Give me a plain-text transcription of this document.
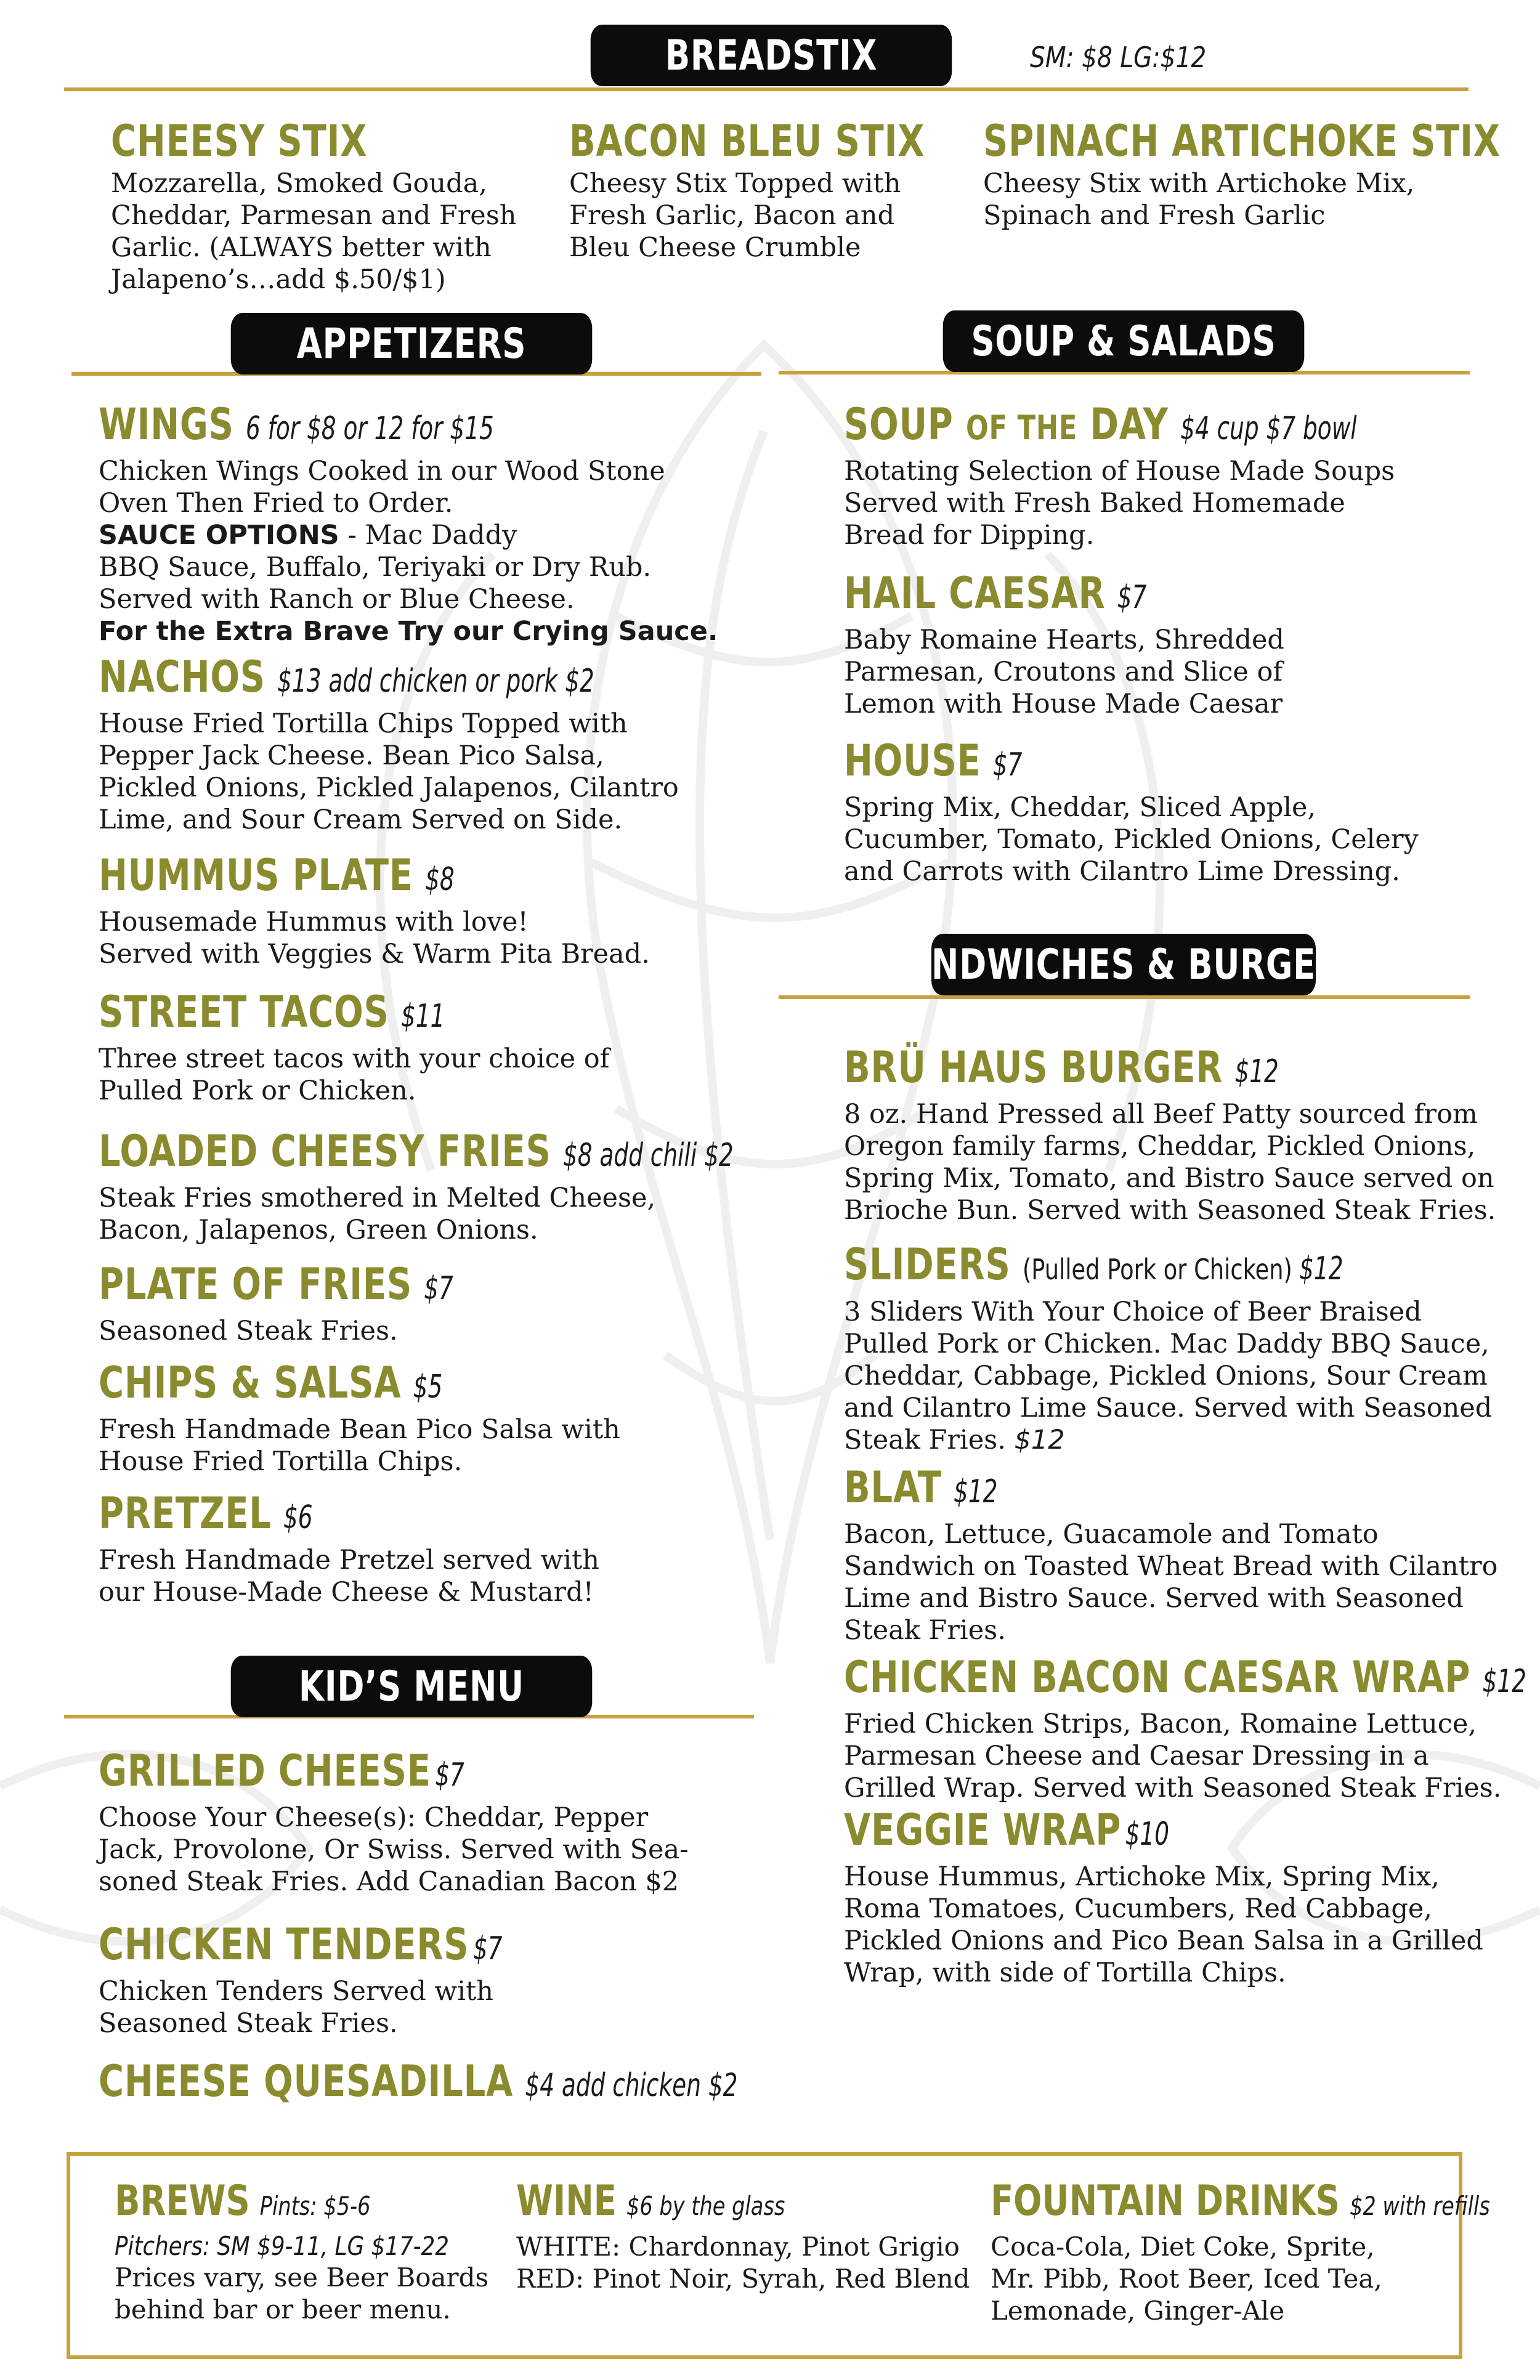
BREADSTIX	SM: $8 LG:$12
CHEESY STIX
Mozzarella, Smoked Gouda,
Cheddar, Parmesan and Fresh
Garlic. (ALWAYS better with
Jalapeno’s…add $.50/$1)
BACON BLEU STIX
Cheesy Stix Topped with
Fresh Garlic, Bacon and
Bleu Cheese Crumble
SPINACH ARTICHOKE STIX
Cheesy Stix with Artichoke Mix,
Spinach and Fresh Garlic
APPETIZERS
WINGS 6 for $8 or 12 for $15
Chicken Wings Cooked in our Wood Stone
Oven Then Fried to Order.
SAUCE OPTIONS - Mac Daddy
BBQ Sauce, Buffalo, Teriyaki or Dry Rub.
Served with Ranch or Blue Cheese.
For the Extra Brave Try our Crying Sauce.
NACHOS $13 add chicken or pork $2
House Fried Tortilla Chips Topped with
Pepper Jack Cheese. Bean Pico Salsa,
Pickled Onions, Pickled Jalapenos, Cilantro
Lime, and Sour Cream Served on Side.
HUMMUS PLATE $8
Housemade Hummus with love!
Served with Veggies & Warm Pita Bread.
STREET TACOS $11
Three street tacos with your choice of
Pulled Pork or Chicken.
LOADED CHEESY FRIES $8 add chili $2
Steak Fries smothered in Melted Cheese,
Bacon, Jalapenos, Green Onions.
PLATE OF FRIES $7
Seasoned Steak Fries.
CHIPS & SALSA $5
Fresh Handmade Bean Pico Salsa with
House Fried Tortilla Chips.
PRETZEL $6
Fresh Handmade Pretzel served with
our House-Made Cheese & Mustard!
KID’S MENU
GRILLED CHEESE $7
Choose Your Cheese(s): Cheddar, Pepper
Jack, Provolone, Or Swiss. Served with Sea-
soned Steak Fries. Add Canadian Bacon $2
CHICKEN TENDERS $7
Chicken Tenders Served with
Seasoned Steak Fries.
CHEESE QUESADILLA $4 add chicken $2
SOUP & SALADS
SOUP OF THE DAY $4 cup $7 bowl
Rotating Selection of House Made Soups
Served with Fresh Baked Homemade
Bread for Dipping.
HAIL CAESAR $7
Baby Romaine Hearts, Shredded
Parmesan, Croutons and Slice of
Lemon with House Made Caesar
HOUSE $7
Spring Mix, Cheddar, Sliced Apple,
Cucumber, Tomato, Pickled Onions, Celery
and Carrots with Cilantro Lime Dressing.
SANDWICHES & BURGERS
BRÜ HAUS BURGER $12
8 oz. Hand Pressed all Beef Patty sourced from
Oregon family farms, Cheddar, Pickled Onions,
Spring Mix, Tomato, and Bistro Sauce served on
Brioche Bun. Served with Seasoned Steak Fries.
SLIDERS (Pulled Pork or Chicken) $12
3 Sliders With Your Choice of Beer Braised
Pulled Pork or Chicken. Mac Daddy BBQ Sauce,
Cheddar, Cabbage, Pickled Onions, Sour Cream
and Cilantro Lime Sauce. Served with Seasoned
Steak Fries. $12
BLAT $12
Bacon, Lettuce, Guacamole and Tomato
Sandwich on Toasted Wheat Bread with Cilantro
Lime and Bistro Sauce. Served with Seasoned
Steak Fries.
CHICKEN BACON CAESAR WRAP $12
Fried Chicken Strips, Bacon, Romaine Lettuce,
Parmesan Cheese and Caesar Dressing in a
Grilled Wrap. Served with Seasoned Steak Fries.
VEGGIE WRAP $10
House Hummus, Artichoke Mix, Spring Mix,
Roma Tomatoes, Cucumbers, Red Cabbage,
Pickled Onions and Pico Bean Salsa in a Grilled
Wrap, with side of Tortilla Chips.
BREWS Pints: $5-6
Pitchers: SM $9-11, LG $17-22
Prices vary, see Beer Boards
behind bar or beer menu.
WINE $6 by the glass
WHITE: Chardonnay, Pinot Grigio
RED: Pinot Noir, Syrah, Red Blend
FOUNTAIN DRINKS $2 with refills
Coca-Cola, Diet Coke, Sprite,
Mr. Pibb, Root Beer, Iced Tea,
Lemonade, Ginger-Ale
